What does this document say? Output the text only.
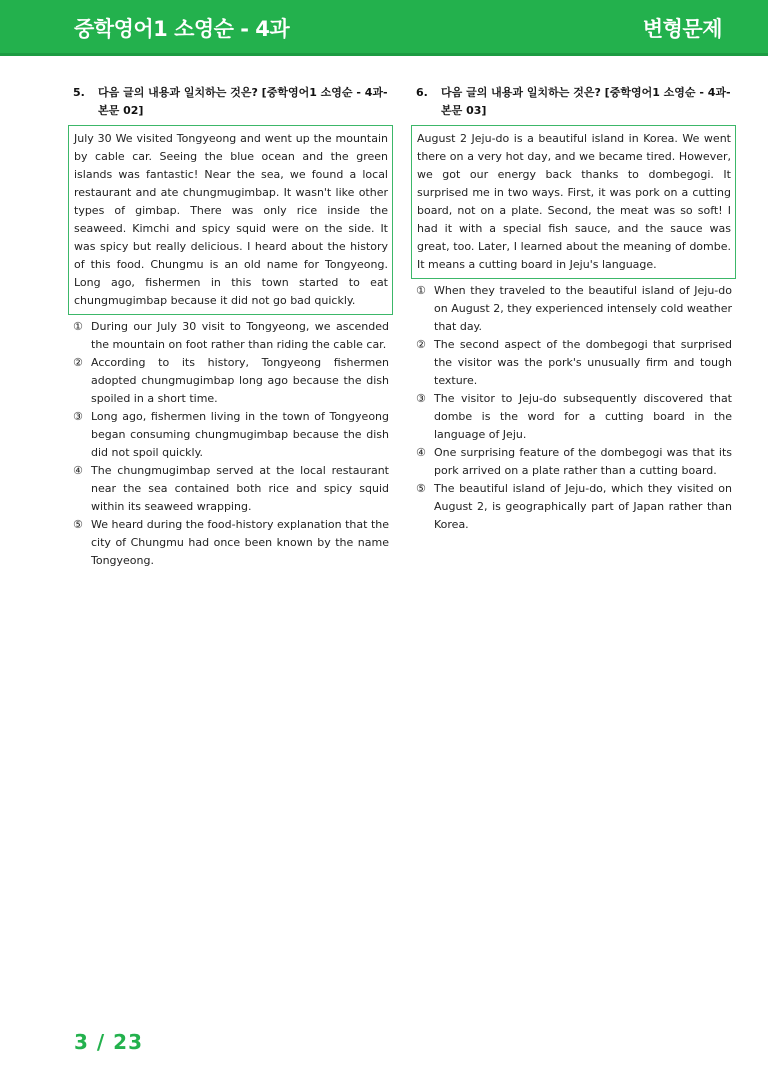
중학영어1 소영순 - 4과	변형문제
5. 다음 글의 내용과 일치하는 것은? [중학영어1 소영순 - 4과-본문 02]
July 30 We visited Tongyeong and went up the mountain by cable car. Seeing the blue ocean and the green islands was fantastic! Near the sea, we found a local restaurant and ate chungmugimbap. It wasn't like other types of gimbap. There was only rice inside the seaweed. Kimchi and spicy squid were on the side. It was spicy but really delicious. I heard about the history of this food. Chungmu is an old name for Tongyeong. Long ago, fishermen in this town started to eat chungmugimbap because it did not go bad quickly.
① During our July 30 visit to Tongyeong, we ascended the mountain on foot rather than riding the cable car.
② According to its history, Tongyeong fishermen adopted chungmugimbap long ago because the dish spoiled in a short time.
③ Long ago, fishermen living in the town of Tongyeong began consuming chungmugimbap because the dish did not spoil quickly.
④ The chungmugimbap served at the local restaurant near the sea contained both rice and spicy squid within its seaweed wrapping.
⑤ We heard during the food-history explanation that the city of Chungmu had once been known by the name Tongyeong.
6. 다음 글의 내용과 일치하는 것은? [중학영어1 소영순 - 4과-본문 03]
August 2 Jeju-do is a beautiful island in Korea. We went there on a very hot day, and we became tired. However, we got our energy back thanks to dombegogi. It surprised me in two ways. First, it was pork on a cutting board, not on a plate. Second, the meat was so soft! I had it with a special fish sauce, and the sauce was great, too. Later, I learned about the meaning of dombe. It means a cutting board in Jeju's language.
① When they traveled to the beautiful island of Jeju-do on August 2, they experienced intensely cold weather that day.
② The second aspect of the dombegogi that surprised the visitor was the pork's unusually firm and tough texture.
③ The visitor to Jeju-do subsequently discovered that dombe is the word for a cutting board in the language of Jeju.
④ One surprising feature of the dombegogi was that its pork arrived on a plate rather than a cutting board.
⑤ The beautiful island of Jeju-do, which they visited on August 2, is geographically part of Japan rather than Korea.
3 / 23
